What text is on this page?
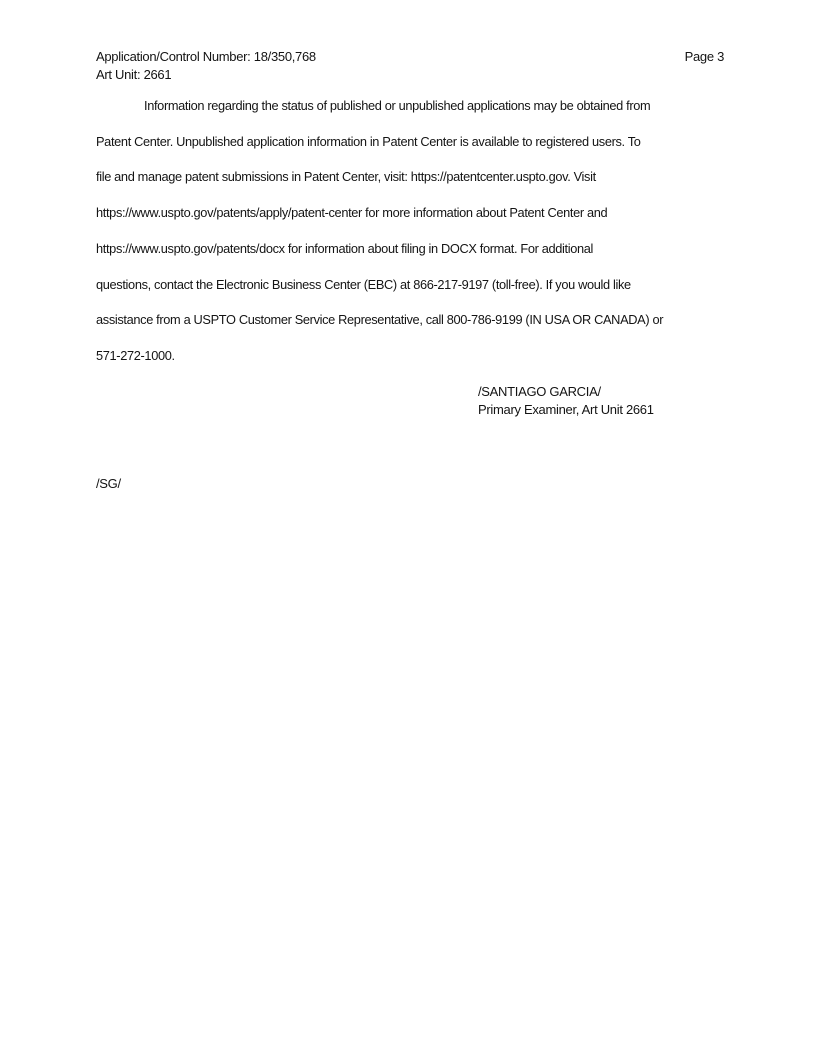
Application/Control Number: 18/350,768	Page 3
Art Unit: 2661
Information regarding the status of published or unpublished applications may be obtained from
Patent Center. Unpublished application information in Patent Center is available to registered users. To
file and manage patent submissions in Patent Center, visit: https://patentcenter.uspto.gov. Visit
https://www.uspto.gov/patents/apply/patent-center for more information about Patent Center and
https://www.uspto.gov/patents/docx for information about filing in DOCX format. For additional
questions, contact the Electronic Business Center (EBC) at 866-217-9197 (toll-free). If you would like
assistance from a USPTO Customer Service Representative, call 800-786-9199 (IN USA OR CANADA) or
571-272-1000.
/SANTIAGO GARCIA/
Primary Examiner, Art Unit 2661
/SG/
